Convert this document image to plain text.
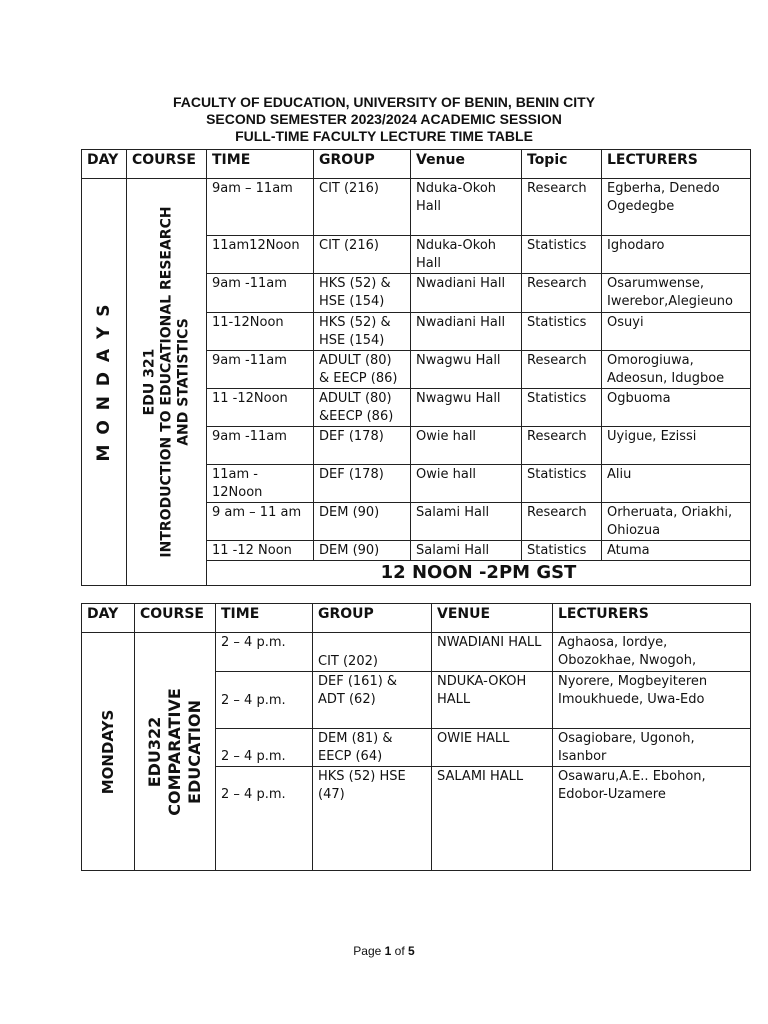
FACULTY OF EDUCATION, UNIVERSITY OF BENIN, BENIN CITY
SECOND SEMESTER 2023/2024 ACADEMIC SESSION
FULL-TIME FACULTY LECTURE TIME TABLE
DAY	COURSE	TIME	GROUP	Venue	Topic	LECTURERS

M O N D A Y S	EDU 321 INTRODUCTION TO EDUCATIONAL RESEARCH AND STATISTICS	9am – 11am	CIT (216)	Nduka-Okoh Hall	Research	Egberha, Denedo Ogedegbe
		11am12Noon	CIT (216)	Nduka-Okoh Hall	Statistics	Ighodaro
		9am -11am	HKS (52) & HSE (154)	Nwadiani Hall	Research	Osarumwense, Iwerebor,Alegieuno
		11-12Noon	HKS (52) & HSE (154)	Nwadiani Hall	Statistics	Osuyi
		9am -11am	ADULT (80) & EECP (86)	Nwagwu Hall	Research	Omorogiuwa, Adeosun, Idugboe
		11 -12Noon	ADULT (80) &EECP (86)	Nwagwu Hall	Statistics	Ogbuoma
		9am -11am	DEF (178)	Owie hall	Research	Uyigue, Ezissi
		11am - 12Noon	DEF (178)	Owie hall	Statistics	Aliu
		9 am – 11 am	DEM (90)	Salami Hall	Research	Orheruata, Oriakhi, Ohiozua
		11 -12 Noon	DEM (90)	Salami Hall	Statistics	Atuma
		12 NOON -2PM GST				
DAY	COURSE	TIME	GROUP	VENUE	LECTURERS

MONDAYS	EDU322 COMPARATIVE EDUCATION	2 – 4 p.m.	CIT (202)	NWADIANI HALL	Aghaosa, Iordye, Obozokhae, Nwogoh,
		2 – 4 p.m.	DEF (161) & ADT (62)	NDUKA-OKOH HALL	Nyorere, Mogbeyiteren Imoukhuede, Uwa-Edo
		2 – 4 p.m.	DEM (81) & EECP (64)	OWIE HALL	Osagiobare, Ugonoh, Isanbor
		2 – 4 p.m.	HKS (52) HSE (47)	SALAMI HALL	Osawaru,A.E.. Ebohon, Edobor-Uzamere
Page 1 of 5
